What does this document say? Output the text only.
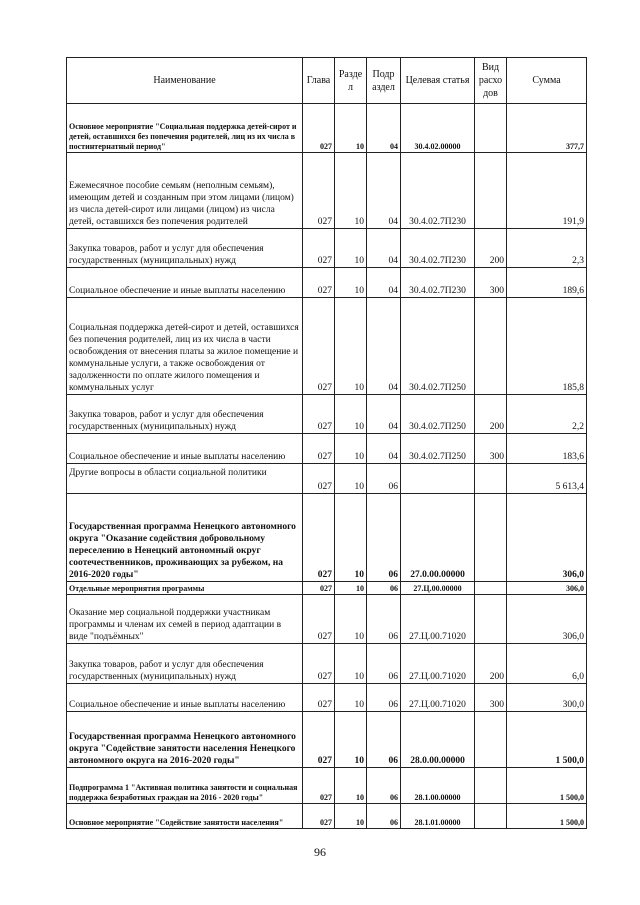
Наименование	Глава	Разде л	Подр аздел	Целевая статья	Вид расхо дов	Сумма
Основное мероприятие "Социальная поддержка детей-сирот и детей, оставшихся без попечения родителей, лиц из их числа в постинтернатный период"	027	10	04	30.4.02.00000		377,7
Ежемесячное пособие семьям (неполным семьям), имеющим детей и созданным при этом лицами (лицом) из числа детей-сирот или лицами (лицом) из числа детей, оставшихся без попечения родителей	027	10	04	30.4.02.7П230		191,9
Закупка товаров, работ и услуг для обеспечения государственных (муниципальных) нужд	027	10	04	30.4.02.7П230	200	2,3
Социальное обеспечение и иные выплаты населению	027	10	04	30.4.02.7П230	300	189,6
Социальная поддержка детей-сирот и детей, оставшихся без попечения родителей, лиц из их числа в части освобождения от внесения платы за жилое помещение и коммунальные услуги, а также освобождения от задолженности по оплате жилого помещения и коммунальных услуг	027	10	04	30.4.02.7П250		185,8
Закупка товаров, работ и услуг для обеспечения государственных (муниципальных) нужд	027	10	04	30.4.02.7П250	200	2,2
Социальное обеспечение и иные выплаты населению	027	10	04	30.4.02.7П250	300	183,6
Другие вопросы в области социальной политики	027	10	06			5 613,4
Государственная программа Ненецкого автономного округа "Оказание содействия добровольному переселению в Ненецкий автономный округ соотечественников, проживающих за рубежом, на 2016-2020 годы"	027	10	06	27.0.00.00000		306,0
Отдельные мероприятия программы	027	10	06	27.Ц.00.00000		306,0
Оказание мер социальной поддержки участникам программы и членам их семей в период адаптации в виде "подъёмных"	027	10	06	27.Ц.00.71020		306,0
Закупка товаров, работ и услуг для обеспечения государственных (муниципальных) нужд	027	10	06	27.Ц.00.71020	200	6,0
Социальное обеспечение и иные выплаты населению	027	10	06	27.Ц.00.71020	300	300,0
Государственная программа Ненецкого автономного округа "Содействие занятости населения Ненецкого автономного округа на 2016-2020 годы"	027	10	06	28.0.00.00000		1 500,0
Подпрограмма 1 "Активная политика занятости и социальная поддержка безработных граждан на 2016 - 2020 годы"	027	10	06	28.1.00.00000		1 500,0
Основное мероприятие "Содействие занятости населения"	027	10	06	28.1.01.00000		1 500,0
96
